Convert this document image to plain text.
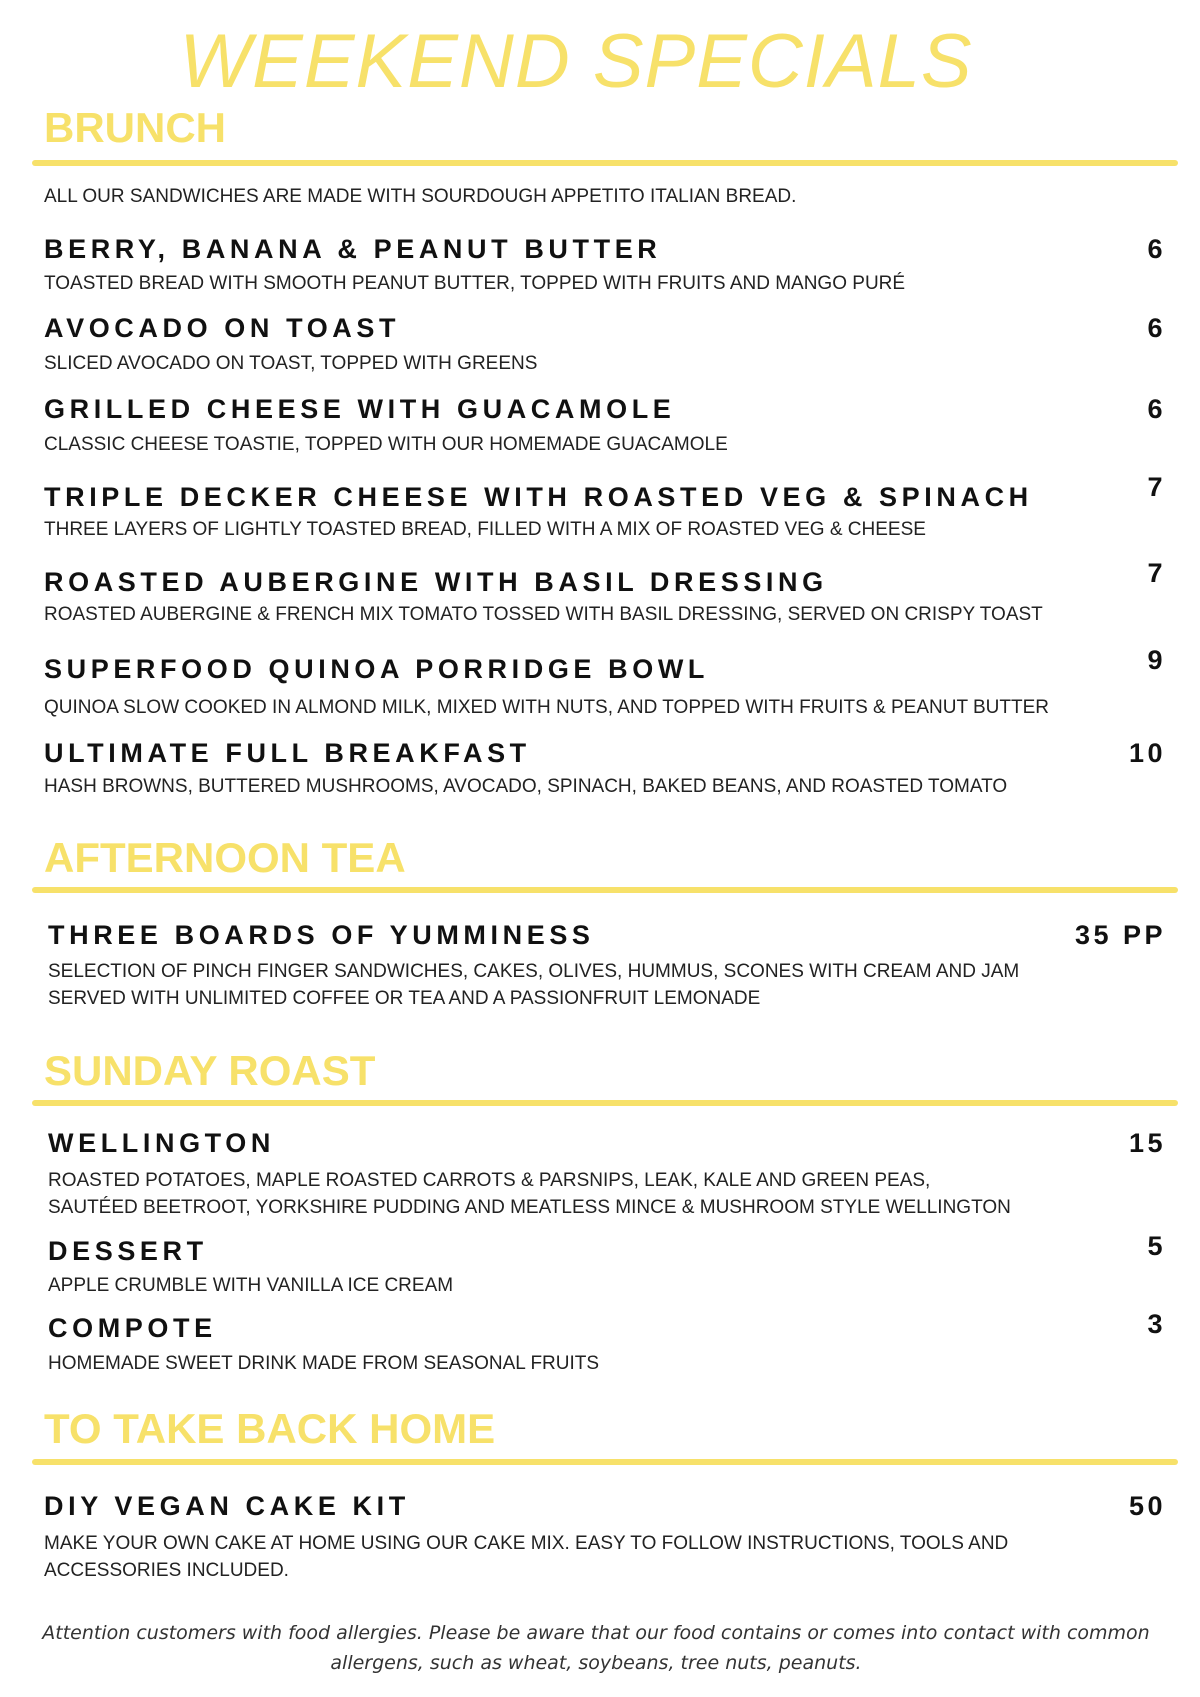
WEEKEND SPECIALS
BRUNCH

ALL OUR SANDWICHES ARE MADE WITH SOURDOUGH APPETITO ITALIAN BREAD.

BERRY, BANANA & PEANUT BUTTER	6

TOASTED BREAD WITH SMOOTH PEANUT BUTTER, TOPPED WITH FRUITS AND MANGO PURÉ

AVOCADO ON TOAST	6

SLICED AVOCADO ON TOAST, TOPPED WITH GREENS

GRILLED CHEESE WITH GUACAMOLE	6

CLASSIC CHEESE TOASTIE, TOPPED WITH OUR HOMEMADE GUACAMOLE

TRIPLE DECKER CHEESE WITH ROASTED VEG & SPINACH	7

THREE LAYERS OF LIGHTLY TOASTED BREAD, FILLED WITH A MIX OF ROASTED VEG & CHEESE

ROASTED AUBERGINE WITH BASIL DRESSING	7

ROASTED AUBERGINE & FRENCH MIX TOMATO TOSSED WITH BASIL DRESSING, SERVED ON CRISPY TOAST

SUPERFOOD QUINOA PORRIDGE BOWL	9

QUINOA SLOW COOKED IN ALMOND MILK, MIXED WITH NUTS, AND TOPPED WITH FRUITS & PEANUT BUTTER

ULTIMATE FULL BREAKFAST	10

HASH BROWNS, BUTTERED MUSHROOMS, AVOCADO, SPINACH, BAKED BEANS, AND ROASTED TOMATO

AFTERNOON TEA

THREE BOARDS OF YUMMINESS	35 PP

SELECTION OF PINCH FINGER SANDWICHES, CAKES, OLIVES, HUMMUS, SCONES WITH CREAM AND JAM

SERVED WITH UNLIMITED COFFEE OR TEA AND A PASSIONFRUIT LEMONADE

SUNDAY ROAST

WELLINGTON	15

ROASTED POTATOES, MAPLE ROASTED CARROTS & PARSNIPS, LEAK, KALE AND GREEN PEAS,

SAUTÉED BEETROOT, YORKSHIRE PUDDING AND MEATLESS MINCE & MUSHROOM STYLE WELLINGTON

DESSERT	5

APPLE CRUMBLE WITH VANILLA ICE CREAM

COMPOTE	3

HOMEMADE SWEET DRINK MADE FROM SEASONAL FRUITS

TO TAKE BACK HOME

DIY VEGAN CAKE KIT	50

MAKE YOUR OWN CAKE AT HOME USING OUR CAKE MIX. EASY TO FOLLOW INSTRUCTIONS, TOOLS AND

ACCESSORIES INCLUDED.

Attention customers with food allergies. Please be aware that our food contains or comes into contact with common
allergens, such as wheat, soybeans, tree nuts, peanuts.
